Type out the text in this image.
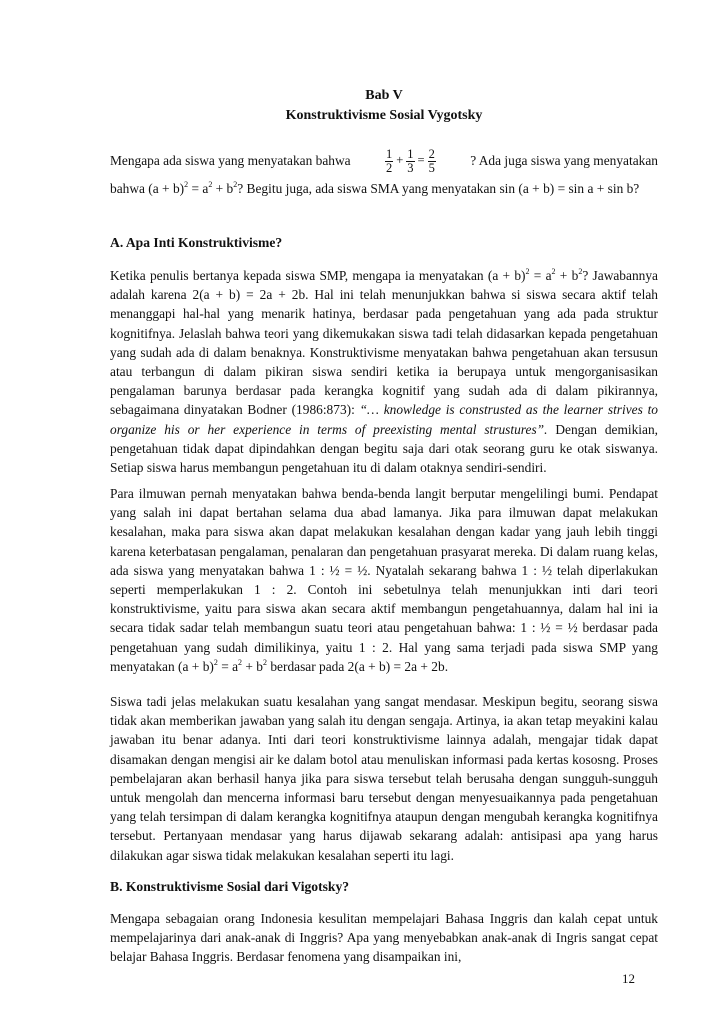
Bab V
Konstruktivisme Sosial Vygotsky
Mengapa ada siswa yang menyatakan bahwa	$\frac{1}{2} + \frac{1}{3} = \frac{2}{5}$	? Ada juga siswa yang menyatakan
bahwa $(a + b)^2 = a^2 + b^2$? Begitu juga, ada siswa SMA yang menyatakan sin (a + b) = sin a + sin b?
A. Apa Inti Konstruktivisme?
Ketika penulis bertanya kepada siswa SMP, mengapa ia menyatakan $(a + b)^2 = a^2 + b^2$? Jawabannya adalah karena 2(a + b) = 2a + 2b. Hal ini telah menunjukkan bahwa si siswa secara aktif telah menanggapi hal-hal yang menarik hatinya, berdasar pada pengetahuan yang ada pada struktur kognitifnya. Jelaslah bahwa teori yang dikemukakan siswa tadi telah didasarkan kepada pengetahuan yang sudah ada di dalam benaknya. Konstruktivisme menyatakan bahwa pengetahuan akan tersusun atau terbangun di dalam pikiran siswa sendiri ketika ia berupaya untuk mengorganisasikan pengalaman barunya berdasar pada kerangka kognitif yang sudah ada di dalam pikirannya, sebagaimana dinyatakan Bodner (1986:873): “… knowledge is construsted as the learner strives to organize his or her experience in terms of preexisting mental strustures”. Dengan demikian, pengetahuan tidak dapat dipindahkan dengan begitu saja dari otak seorang guru ke otak siswanya. Setiap siswa harus membangun pengetahuan itu di dalam otaknya sendiri-sendiri.
Para ilmuwan pernah menyatakan bahwa benda-benda langit berputar mengelilingi bumi. Pendapat yang salah ini dapat bertahan selama dua abad lamanya. Jika para ilmuwan dapat melakukan kesalahan, maka para siswa akan dapat melakukan kesalahan dengan kadar yang jauh lebih tinggi karena keterbatasan pengalaman, penalaran dan pengetahuan prasyarat mereka. Di dalam ruang kelas, ada siswa yang menyatakan bahwa 1 : ½ = ½. Nyatalah sekarang bahwa 1 : ½ telah diperlakukan seperti memperlakukan 1 : 2. Contoh ini sebetulnya telah menunjukkan inti dari teori konstruktivisme, yaitu para siswa akan secara aktif membangun pengetahuannya, dalam hal ini ia secara tidak sadar telah membangun suatu teori atau pengetahuan bahwa: 1 : ½ = ½ berdasar pada pengetahuan yang sudah dimilikinya, yaitu 1 : 2. Hal yang sama terjadi pada siswa SMP yang menyatakan $(a + b)^2 = a^2 + b^2$ berdasar pada 2(a + b) = 2a + 2b.
Siswa tadi jelas melakukan suatu kesalahan yang sangat mendasar. Meskipun begitu, seorang siswa tidak akan memberikan jawaban yang salah itu dengan sengaja. Artinya, ia akan tetap meyakini kalau jawaban itu benar adanya. Inti dari teori konstruktivisme lainnya adalah, mengajar tidak dapat disamakan dengan mengisi air ke dalam botol atau menuliskan informasi pada kertas kososng. Proses pembelajaran akan berhasil hanya jika para siswa tersebut telah berusaha dengan sungguh-sungguh untuk mengolah dan mencerna informasi baru tersebut dengan menyesuaikannya pada pengetahuan yang telah tersimpan di dalam kerangka kognitifnya ataupun dengan mengubah kerangka kognitifnya tersebut. Pertanyaan mendasar yang harus dijawab sekarang adalah: antisipasi apa yang harus dilakukan agar siswa tidak melakukan kesalahan seperti itu lagi.
B. Konstruktivisme Sosial dari Vigotsky?
Mengapa sebagaian orang Indonesia kesulitan mempelajari Bahasa Inggris dan kalah cepat untuk mempelajarinya dari anak-anak di Inggris? Apa yang menyebabkan anak-anak di Ingris sangat cepat belajar Bahasa Inggris. Berdasar fenomena yang disampaikan ini,
12
